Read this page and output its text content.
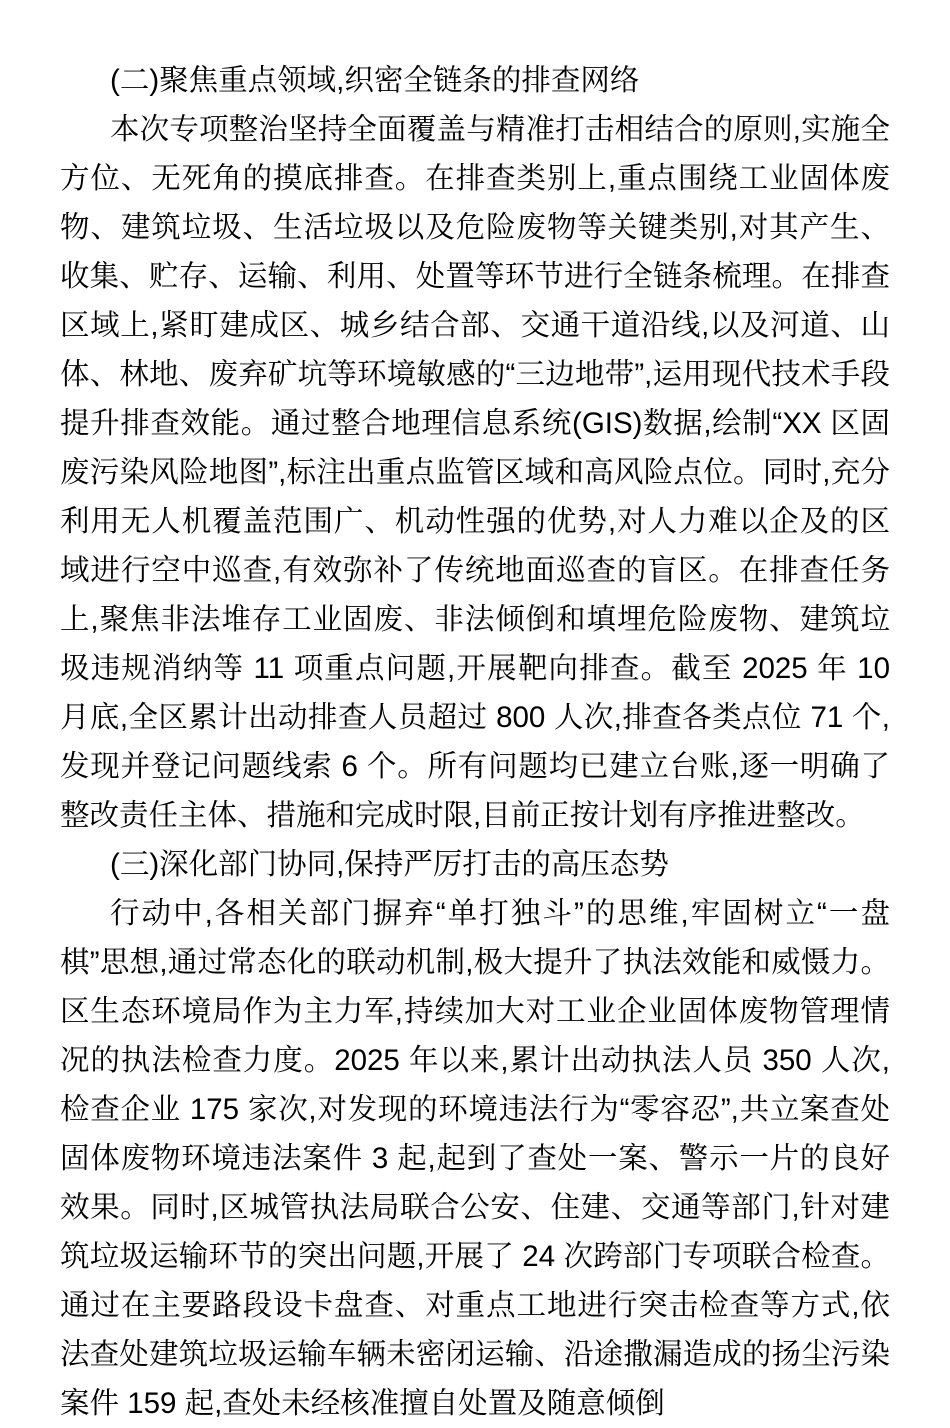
(二)聚焦重点领域,织密全链条的排查网络
本次专项整治坚持全面覆盖与精准打击相结合的原则,实施全方位、无死角的摸底排查。在排查类别上,重点围绕工业固体废物、建筑垃圾、生活垃圾以及危险废物等关键类别,对其产生、收集、贮存、运输、利用、处置等环节进行全链条梳理。在排查区域上,紧盯建成区、城乡结合部、交通干道沿线,以及河道、山体、林地、废弃矿坑等环境敏感的“三边地带”,运用现代技术手段提升排查效能。通过整合地理信息系统(GIS)数据,绘制“XX 区固废污染风险地图”,标注出重点监管区域和高风险点位。同时,充分利用无人机覆盖范围广、机动性强的优势,对人力难以企及的区域进行空中巡查,有效弥补了传统地面巡查的盲区。在排查任务上,聚焦非法堆存工业固废、非法倾倒和填埋危险废物、建筑垃圾违规消纳等 11 项重点问题,开展靶向排查。截至 2025 年 10 月底,全区累计出动排查人员超过 800 人次,排查各类点位 71 个,发现并登记问题线索 6 个。所有问题均已建立台账,逐一明确了整改责任主体、措施和完成时限,目前正按计划有序推进整改。
(三)深化部门协同,保持严厉打击的高压态势
行动中,各相关部门摒弃“单打独斗”的思维,牢固树立“一盘棋”思想,通过常态化的联动机制,极大提升了执法效能和威慑力。区生态环境局作为主力军,持续加大对工业企业固体废物管理情况的执法检查力度。2025 年以来,累计出动执法人员 350 人次,检查企业 175 家次,对发现的环境违法行为“零容忍”,共立案查处固体废物环境违法案件 3 起,起到了查处一案、警示一片的良好效果。同时,区城管执法局联合公安、住建、交通等部门,针对建筑垃圾运输环节的突出问题,开展了 24 次跨部门专项联合检查。通过在主要路段设卡盘查、对重点工地进行突击检查等方式,依法查处建筑垃圾运输车辆未密闭运输、沿途撒漏造成的扬尘污染案件 159 起,查处未经核准擅自处置及随意倾倒
